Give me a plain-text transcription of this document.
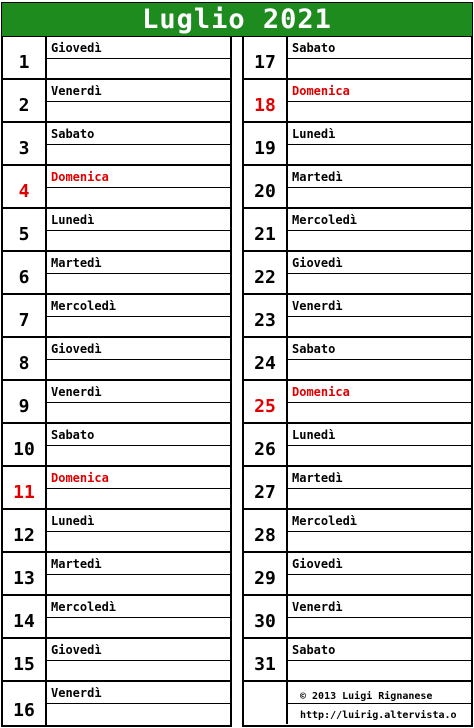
Luglio 2021
1
Giovedì
2
Venerdì
3
Sabato
4
Domenica
5
Lunedì
6
Martedì
7
Mercoledì
8
Giovedì
9
Venerdì
10
Sabato
11
Domenica
12
Lunedì
13
Martedì
14
Mercoledì
15
Giovedì
16
Venerdì
17
Sabato
18
Domenica
19
Lunedì
20
Martedì
21
Mercoledì
22
Giovedì
23
Venerdì
24
Sabato
25
Domenica
26
Lunedì
27
Martedì
28
Mercoledì
29
Giovedì
30
Venerdì
31
Sabato
© 2013 Luigi Rignanese
http://luirig.altervista.o
